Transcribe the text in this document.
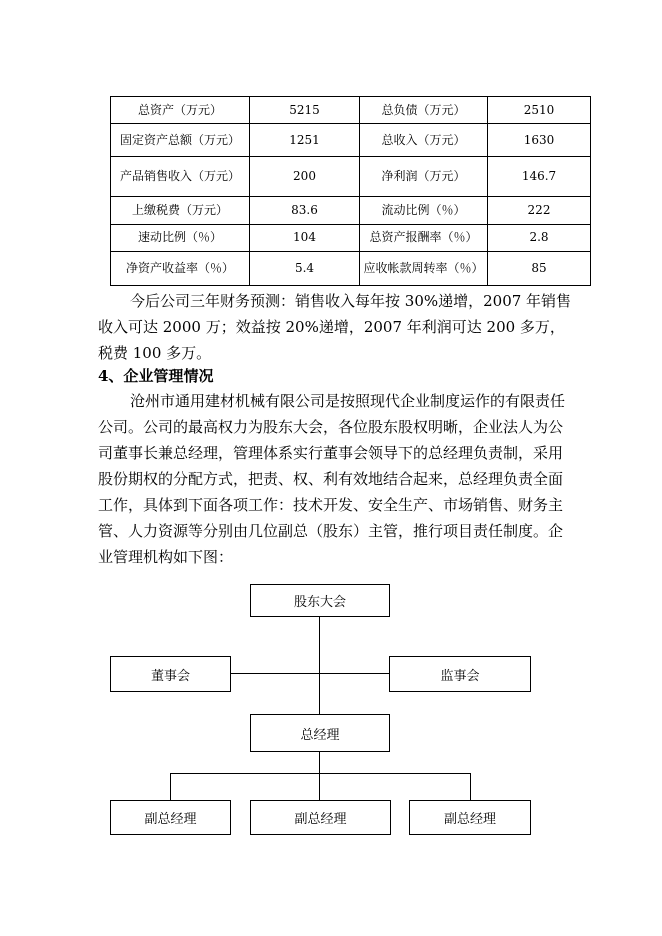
总资产（万元）	5215	总负债（万元）	2510
固定资产总额（万元）	1251	总收入（万元）	1630
产品销售收入（万元）	200	净利润（万元）	146.7
上缴税费（万元）	83.6	流动比例（％）	222
速动比例（％）	104	总资产报酬率（％）	2.8
净资产收益率（％）	5.4	应收帐款周转率（％）	85

今后公司三年财务预测：销售收入每年按 30%递增，2007 年销售收入可达 2000 万；效益按 20%递增，2007 年利润可达 200 多万，税费 100 多万。

4、企业管理情况

沧州市通用建材机械有限公司是按照现代企业制度运作的有限责任公司。公司的最高权力为股东大会，各位股东股权明晰，企业法人为公司董事长兼总经理，管理体系实行董事会领导下的总经理负责制，采用股份期权的分配方式，把责、权、利有效地结合起来，总经理负责全面工作，具体到下面各项工作：技术开发、安全生产、市场销售、财务主管、人力资源等分别由几位副总（股东）主管，推行项目责任制度。企业管理机构如下图：

股东大会
董事会	监事会
总经理
副总经理	副总经理	副总经理
